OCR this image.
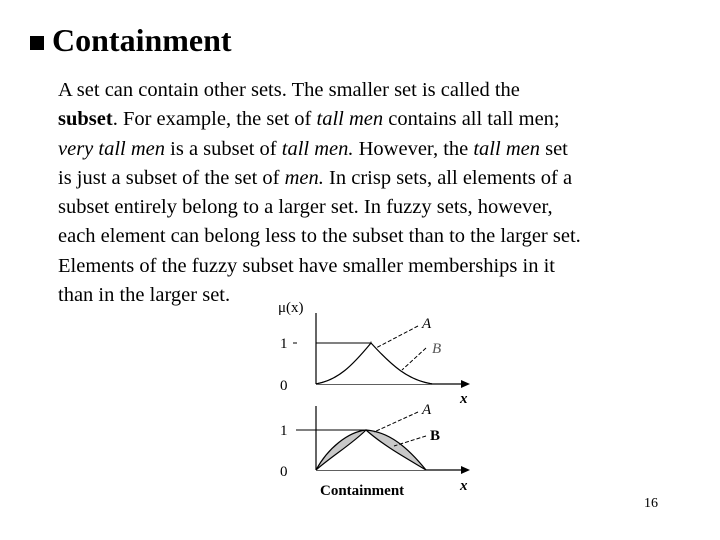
Containment
A set can contain other sets. The smaller set is called the
subset. For example, the set of tall men contains all tall men;
very tall men is a subset of tall men. However, the tall men set
is just a subset of the set of men. In crisp sets, all elements of a
subset entirely belong to a larger set. In fuzzy sets, however,
each element can belong less to the subset than to the larger set.
Elements of the fuzzy subset have smaller memberships in it
than in the larger set.
μ(x)
1
0
A
B
x
1
0
A
B
Containment	x
16
